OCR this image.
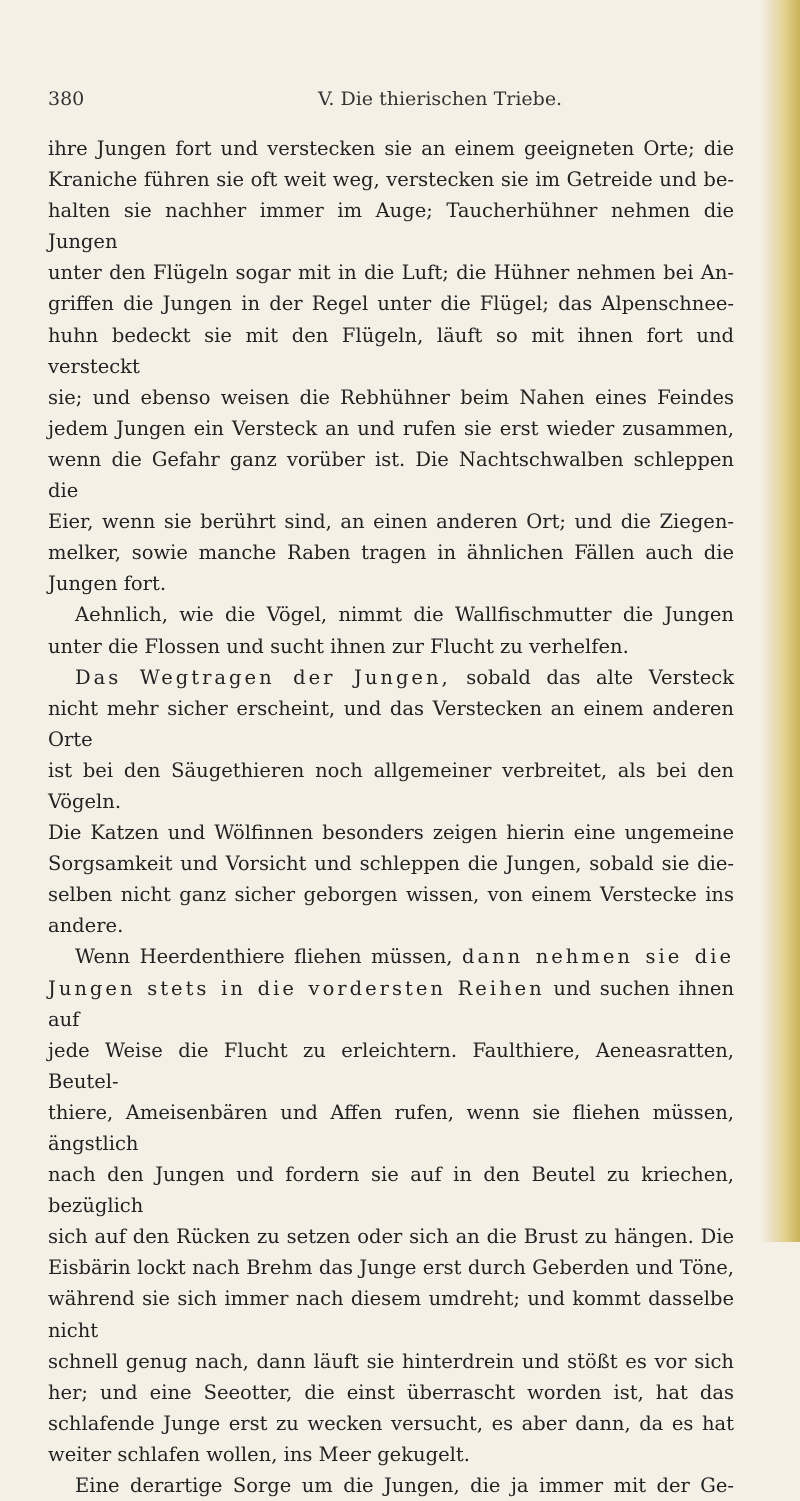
380	V. Die thierischen Triebe.

ihre Jungen fort und verstecken sie an einem geeigneten Orte; die

Kraniche führen sie oft weit weg, verstecken sie im Getreide und be-

halten sie nachher immer im Auge; Taucherhühner nehmen die Jungen

unter den Flügeln sogar mit in die Luft; die Hühner nehmen bei An-

griffen die Jungen in der Regel unter die Flügel; das Alpenschnee-

huhn bedeckt sie mit den Flügeln, läuft so mit ihnen fort und versteckt

sie; und ebenso weisen die Rebhühner beim Nahen eines Feindes

jedem Jungen ein Versteck an und rufen sie erst wieder zusammen,

wenn die Gefahr ganz vorüber ist. Die Nachtschwalben schleppen die

Eier, wenn sie berührt sind, an einen anderen Ort; und die Ziegen-

melker, sowie manche Raben tragen in ähnlichen Fällen auch die

Jungen fort.

Aehnlich, wie die Vögel, nimmt die Wallfischmutter die Jungen

unter die Flossen und sucht ihnen zur Flucht zu verhelfen.

Das Wegtragen der Jungen, sobald das alte Versteck

nicht mehr sicher erscheint, und das Verstecken an einem anderen Orte

ist bei den Säugethieren noch allgemeiner verbreitet, als bei den Vögeln.

Die Katzen und Wölfinnen besonders zeigen hierin eine ungemeine

Sorgsamkeit und Vorsicht und schleppen die Jungen, sobald sie die-

selben nicht ganz sicher geborgen wissen, von einem Verstecke ins

andere.

Wenn Heerdenthiere fliehen müssen, dann nehmen sie die

Jungen stets in die vordersten Reihen und suchen ihnen auf

jede Weise die Flucht zu erleichtern. Faulthiere, Aeneasratten, Beutel-

thiere, Ameisenbären und Affen rufen, wenn sie fliehen müssen, ängstlich

nach den Jungen und fordern sie auf in den Beutel zu kriechen, bezüglich

sich auf den Rücken zu setzen oder sich an die Brust zu hängen. Die

Eisbärin lockt nach Brehm das Junge erst durch Geberden und Töne,

während sie sich immer nach diesem umdreht; und kommt dasselbe nicht

schnell genug nach, dann läuft sie hinterdrein und stößt es vor sich

her; und eine Seeotter, die einst überrascht worden ist, hat das

schlafende Junge erst zu wecken versucht, es aber dann, da es hat

weiter schlafen wollen, ins Meer gekugelt.

Eine derartige Sorge um die Jungen, die ja immer mit der Ge-
